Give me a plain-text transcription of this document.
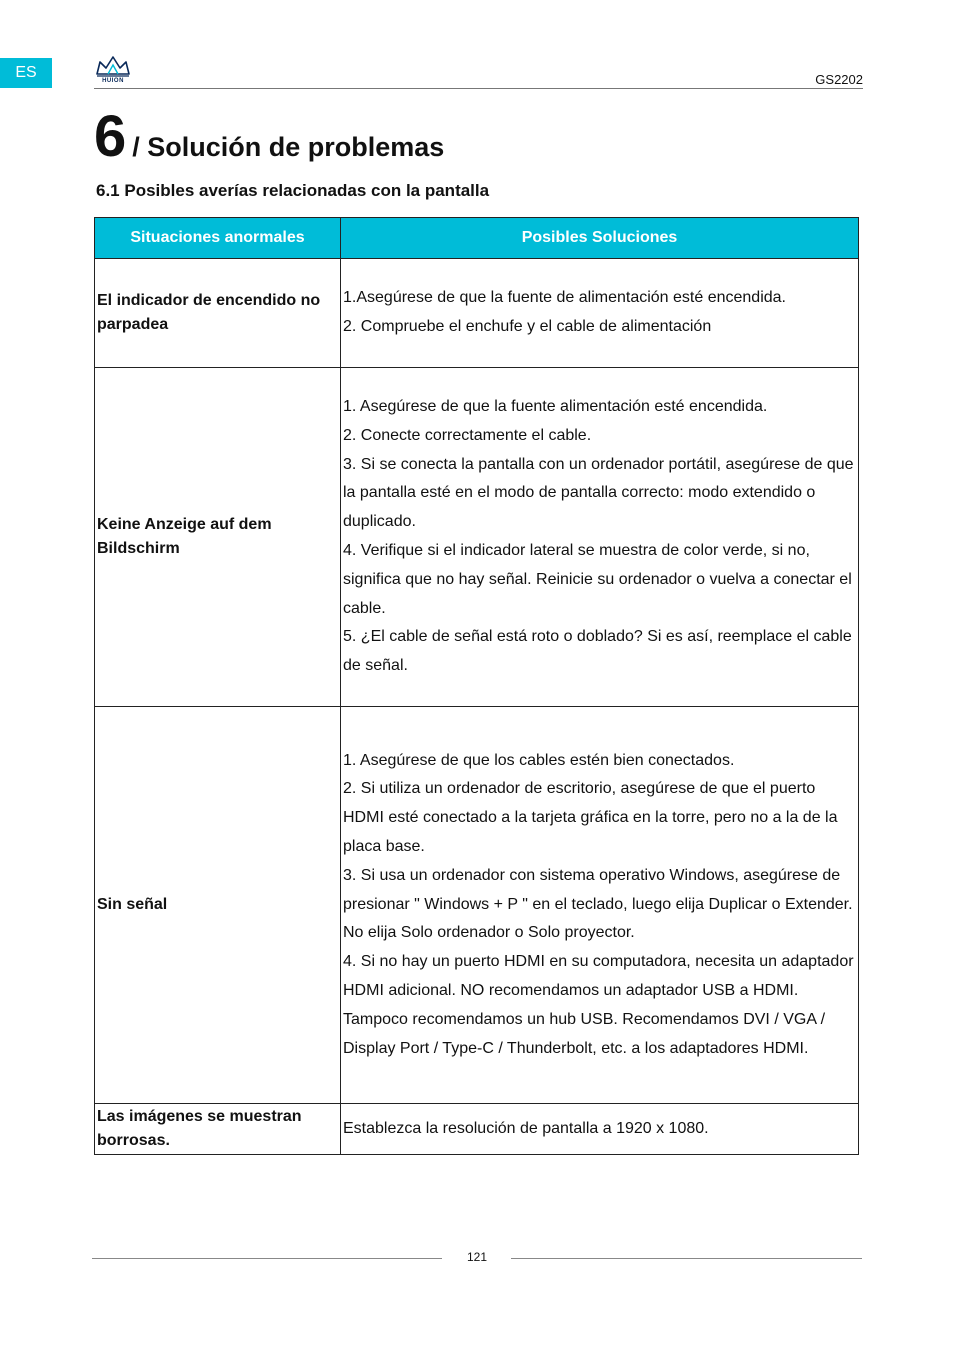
ES	HUION	GS2202
6 / Solución de problemas
6.1 Posibles averías relacionadas con la pantalla
Situaciones anormales	Posibles Soluciones
El indicador de encendido no parpadea	1.Asegúrese de que la fuente de alimentación esté encendida.
2. Compruebe el enchufe y el cable de alimentación

Keine Anzeige auf dem Bildschirm	1. Asegúrese de que la fuente alimentación esté encendida.
2. Conecte correctamente el cable.
3. Si se conecta la pantalla con un ordenador portátil, asegúrese de que la pantalla esté en el modo de pantalla correcto: modo extendido o duplicado.
4. Verifique si el indicador lateral se muestra de color verde, si no, significa que no hay señal. Reinicie su ordenador o vuelva a conectar el cable.
5. ¿El cable de señal está roto o doblado? Si es así, reemplace el cable de señal.

Sin señal	1. Asegúrese de que los cables estén bien conectados.
2. Si utiliza un ordenador de escritorio, asegúrese de que el puerto HDMI esté conectado a la tarjeta gráfica en la torre, pero no a la de la placa base.
3. Si usa un ordenador con sistema operativo Windows, asegúrese de presionar " Windows + P " en el teclado, luego elija Duplicar o Extender. No elija Solo ordenador o Solo proyector.
4. Si no hay un puerto HDMI en su computadora, necesita un adaptador HDMI adicional. NO recomendamos un adaptador USB a HDMI. Tampoco recomendamos un hub USB. Recomendamos DVI / VGA / Display Port / Type-C / Thunderbolt, etc. a los adaptadores HDMI.

Las imágenes se muestran borrosas.	Establezca la resolución de pantalla a 1920 x 1080.
121
